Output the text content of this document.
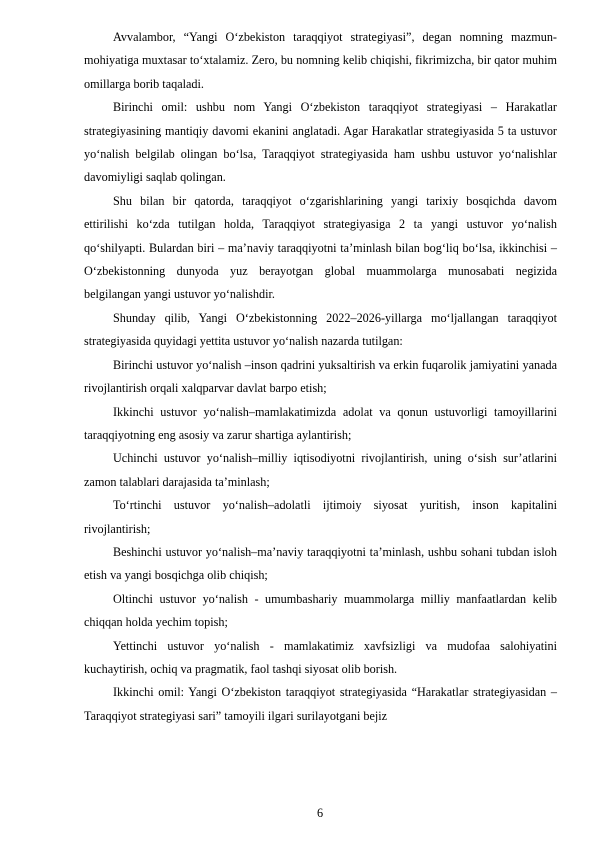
Avvalambor, “Yangi O‘zbekiston taraqqiyot strategiyasi”, degan nomning mazmun-mohiyatiga muxtasar to‘xtalamiz. Zero, bu nomning kelib chiqishi, fikrimizcha, bir qator muhim omillarga borib taqaladi.

Birinchi omil: ushbu nom Yangi O‘zbekiston taraqqiyot strategiyasi – Harakatlar strategiyasining mantiqiy davomi ekanini anglatadi. Agar Harakatlar strategiyasida 5 ta ustuvor yo‘nalish belgilab olingan bo‘lsa, Taraqqiyot strategiyasida ham ushbu ustuvor yo‘nalishlar davomiyligi saqlab qolingan.

Shu bilan bir qatorda, taraqqiyot o‘zgarishlarining yangi tarixiy bosqichda davom ettirilishi ko‘zda tutilgan holda, Taraqqiyot strategiyasiga 2 ta yangi ustuvor yo‘nalish qo‘shilyapti. Bulardan biri – ma’naviy taraqqiyotni ta’minlash bilan bog‘liq bo‘lsa, ikkinchisi – O‘zbekistonning dunyoda yuz berayotgan global muammolarga munosabati negizida belgilangan yangi ustuvor yo‘nalishdir.

Shunday qilib, Yangi O‘zbekistonning 2022–2026-yillarga mo‘ljallangan taraqqiyot strategiyasida quyidagi yettita ustuvor yo‘nalish nazarda tutilgan:

Birinchi ustuvor yo‘nalish –inson qadrini yuksaltirish va erkin fuqarolik jamiyatini yanada rivojlantirish orqali xalqparvar davlat barpo etish;

Ikkinchi ustuvor yo‘nalish–mamlakatimizda adolat va qonun ustuvorligi tamoyillarini taraqqiyotning eng asosiy va zarur shartiga aylantirish;

Uchinchi ustuvor yo‘nalish–milliy iqtisodiyotni rivojlantirish, uning o‘sish sur’atlarini zamon talablari darajasida ta’minlash;

To‘rtinchi ustuvor yo‘nalish–adolatli ijtimoiy siyosat yuritish, inson kapitalini rivojlantirish;

Beshinchi ustuvor yo‘nalish–ma’naviy taraqqiyotni ta’minlash, ushbu sohani tubdan isloh etish va yangi bosqichga olib chiqish;

Oltinchi ustuvor yo‘nalish - umumbashariy muammolarga milliy manfaatlardan kelib chiqqan holda yechim topish;

Yettinchi ustuvor yo‘nalish - mamlakatimiz xavfsizligi va mudofaa salohiyatini kuchaytirish, ochiq va pragmatik, faol tashqi siyosat olib borish.

Ikkinchi omil: Yangi O‘zbekiston taraqqiyot strategiyasida “Harakatlar strategiyasidan – Taraqqiyot strategiyasi sari” tamoyili ilgari surilayotgani bejiz

6
